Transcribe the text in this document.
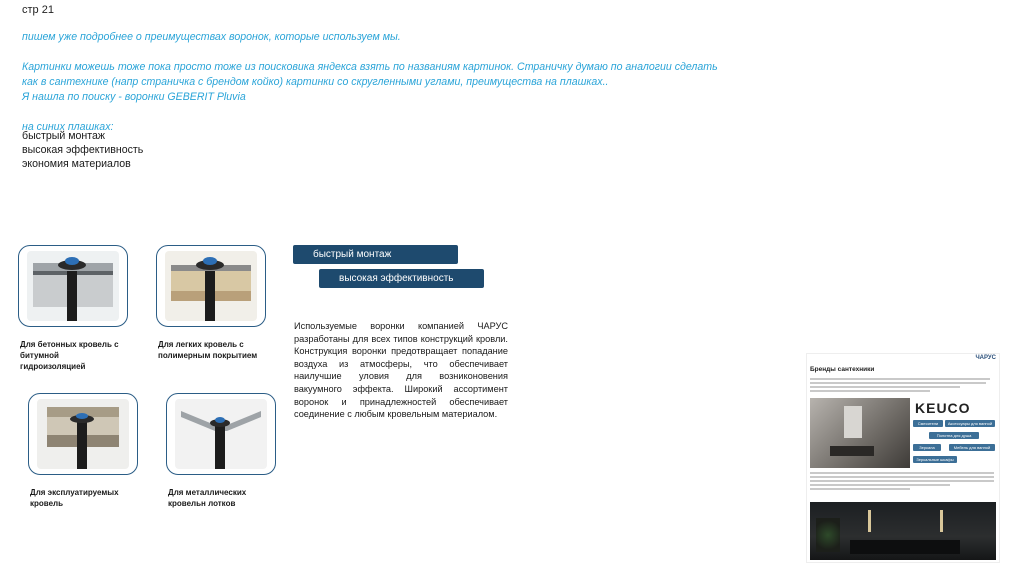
стр 21
пишем уже подробнее о преимуществах воронок, которые используем мы.
Картинки можешь тоже пока просто тоже из поисковика яндекса взять по названиям картинок. Страничку думаю по аналогии сделать
как в сантехнике (напр страничка с брендом койко) картинки со скругленными углами, преимущества на плашках..
Я нашла по поиску - воронки GEBERIT Pluvia
на синих плашках:
быстрый монтаж
высокая эффективность
экономия материалов
Для бетонных кровель с
битумной
гидроизоляцией
Для легких кровель с
полимерным покрытием
Для эксплуатируемых
кровель
Для металлических
кровельн лотков
быстрый монтаж
высокая эффективность
Используемые воронки компанией ЧАРУС разработаны для всех типов конструкций кровли. Конструкция воронки предотвращает попадание воздуха из атмосферы, что обеспечивает наилучшие уловия для возниконовения вакуумного эффекта. Широкий ассортимент воронок и принадлежностей обеспечивает соединение с любым кровельным материалом.
ЧАРУС
Бренды сантехники
KEUCO
Смесители	Аксессуары для ванной
Полотна для душа
Зеркала	Мебель для ванной
Зеркальные шкафы
